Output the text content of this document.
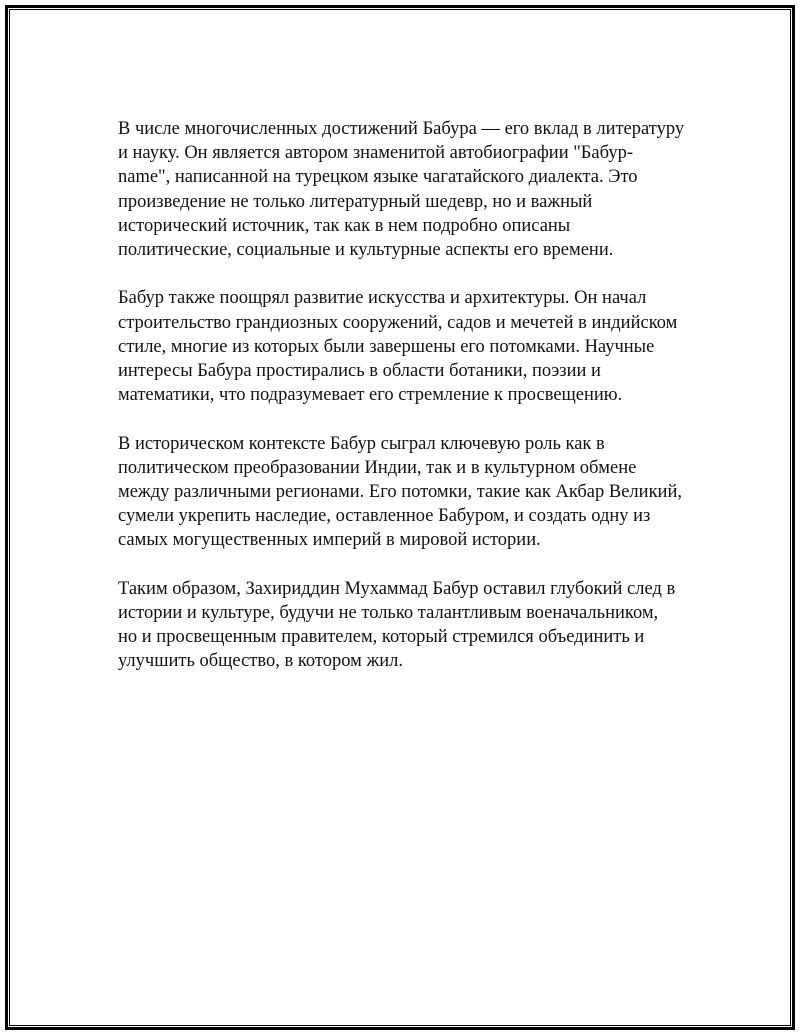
В числе многочисленных достижений Бабура — его вклад в литературу
и науку. Он является автором знаменитой автобиографии "Бабур-
name", написанной на турецком языке чагатайского диалекта. Это
произведение не только литературный шедевр, но и важный
исторический источник, так как в нем подробно описаны
политические, социальные и культурные аспекты его времени.

Бабур также поощрял развитие искусства и архитектуры. Он начал
строительство грандиозных сооружений, садов и мечетей в индийском
стиле, многие из которых были завершены его потомками. Научные
интересы Бабура простирались в области ботаники, поэзии и
математики, что подразумевает его стремление к просвещению.

В историческом контексте Бабур сыграл ключевую роль как в
политическом преобразовании Индии, так и в культурном обмене
между различными регионами. Его потомки, такие как Акбар Великий,
сумели укрепить наследие, оставленное Бабуром, и создать одну из
самых могущественных империй в мировой истории.

Таким образом, Захириддин Мухаммад Бабур оставил глубокий след в
истории и культуре, будучи не только талантливым военачальником,
но и просвещенным правителем, который стремился объединить и
улучшить общество, в котором жил.
